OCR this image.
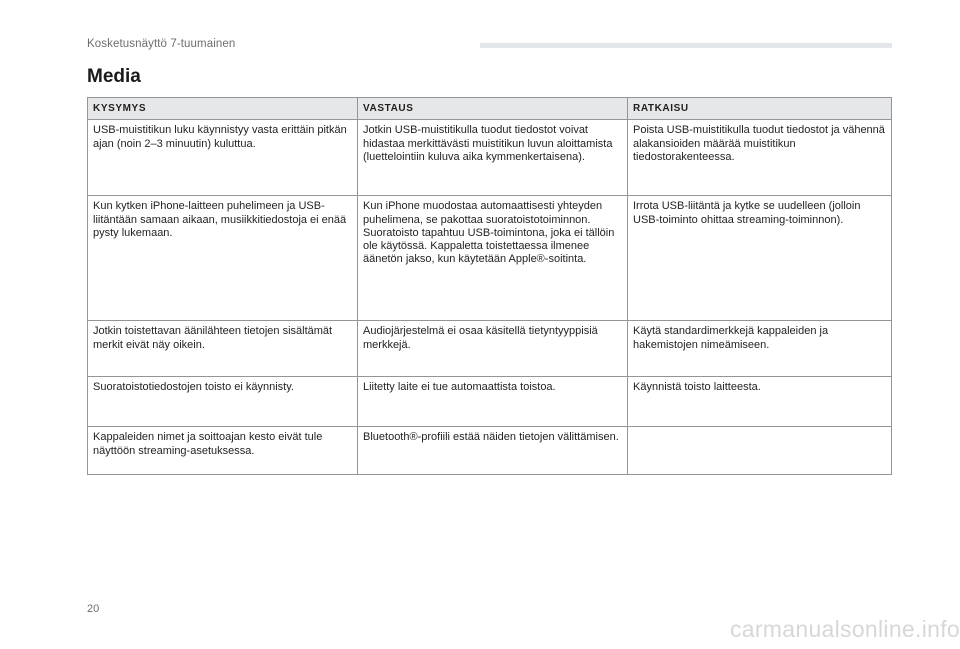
Kosketusnäyttö 7-tuumainen
Media
KYSYMYS	VASTAUS	RATKAISU
USB-muistitikun luku käynnistyy vasta erittäin pitkän ajan (noin 2–3 minuutin) kuluttua.	Jotkin USB-muistitikulla tuodut tiedostot voivat hidastaa merkittävästi muistitikun luvun aloittamista (luettelointiin kuluva aika kymmenkertaisena).	Poista USB-muistitikulla tuodut tiedostot ja vähennä alakansioiden määrää muistitikun tiedostorakenteessa.
Kun kytken iPhone-laitteen puhelimeen ja USB-liitäntään samaan aikaan, musiikkitiedostoja ei enää pysty lukemaan.	Kun iPhone muodostaa automaattisesti yhteyden puhelimena, se pakottaa suoratoistotoiminnon. Suoratoisto tapahtuu USB-toimintona, joka ei tällöin ole käytössä. Kappaletta toistettaessa ilmenee äänetön jakso, kun käytetään Apple®-soitinta.	Irrota USB-liitäntä ja kytke se uudelleen (jolloin USB-toiminto ohittaa streaming-toiminnon).
Jotkin toistettavan äänilähteen tietojen sisältämät merkit eivät näy oikein.	Audiojärjestelmä ei osaa käsitellä tietyntyyppisiä merkkejä.	Käytä standardimerkkejä kappaleiden ja hakemistojen nimeämiseen.
Suoratoistotiedostojen toisto ei käynnisty.	Liitetty laite ei tue automaattista toistoa.	Käynnistä toisto laitteesta.
Kappaleiden nimet ja soittoajan kesto eivät tule näyttöön streaming-asetuksessa.	Bluetooth®-profiili estää näiden tietojen välittämisen.	
20
carmanualsonline.info
